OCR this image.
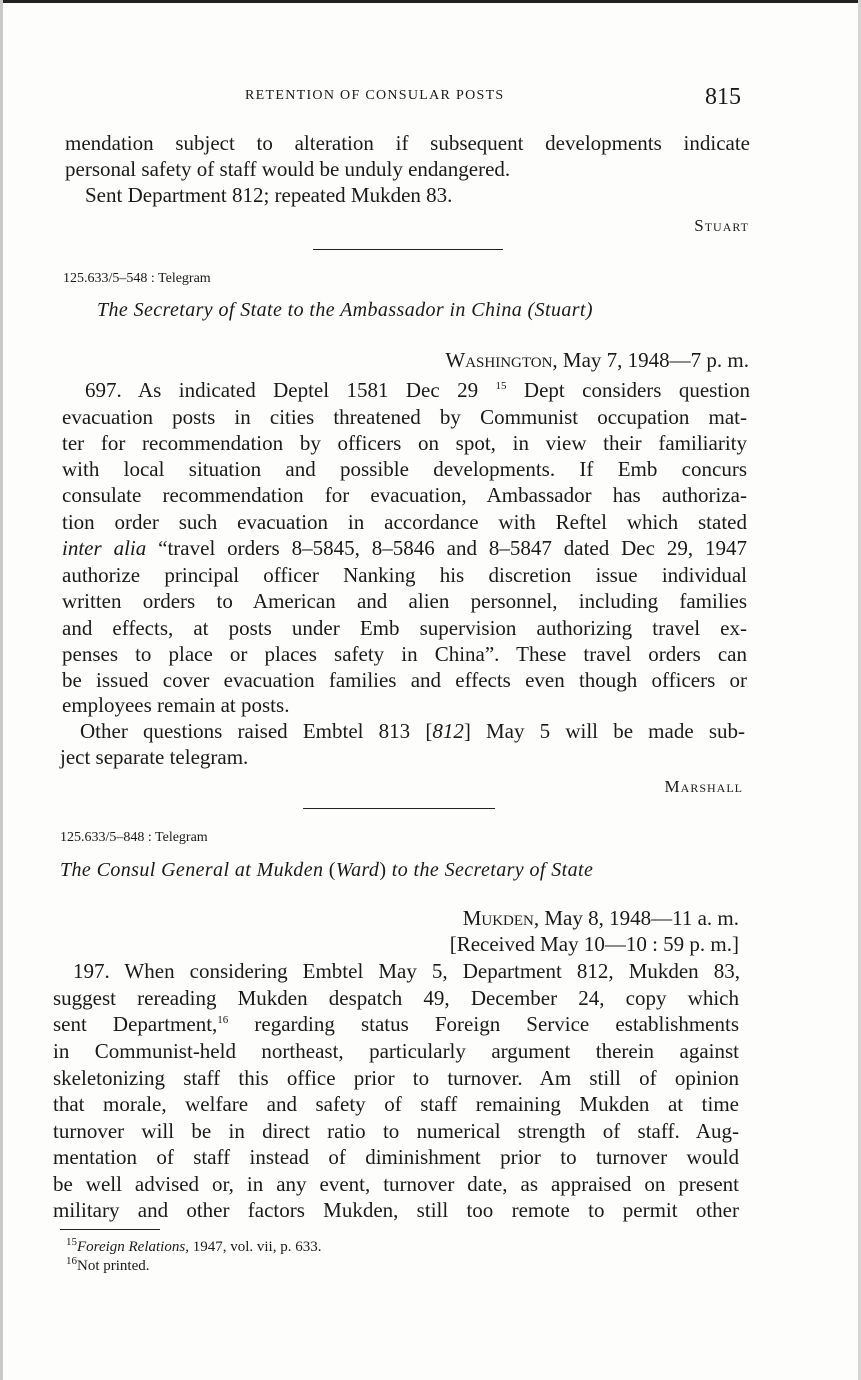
RETENTION OF CONSULAR POSTS	815
mendation subject to alteration if subsequent developments indicate
personal safety of staff would be unduly endangered.
Sent Department 812; repeated Mukden 83.
Stuart
125.633/5–548 : Telegram
The Secretary of State to the Ambassador in China (Stuart)
Washington, May 7, 1948—7 p. m.
697. As indicated Deptel 1581 Dec 29 $^{15}$ Dept considers question
evacuation posts in cities threatened by Communist occupation mat-
ter for recommendation by officers on spot, in view their familiarity
with local situation and possible developments. If Emb concurs
consulate recommendation for evacuation, Ambassador has authoriza-
tion order such evacuation in accordance with Reftel which stated
inter alia “travel orders 8–5845, 8–5846 and 8–5847 dated Dec 29, 1947
authorize principal officer Nanking his discretion issue individual
written orders to American and alien personnel, including families
and effects, at posts under Emb supervision authorizing travel ex-
penses to place or places safety in China”. These travel orders can
be issued cover evacuation families and effects even though officers or
employees remain at posts.
Other questions raised Embtel 813 [812] May 5 will be made sub-
ject separate telegram.
Marshall
125.633/5–848 : Telegram
The Consul General at Mukden (Ward) to the Secretary of State
Mukden, May 8, 1948—11 a. m.
[Received May 10—10 : 59 p. m.]
197. When considering Embtel May 5, Department 812, Mukden 83,
suggest rereading Mukden despatch 49, December 24, copy which
sent Department,$^{16}$ regarding status Foreign Service establishments
in Communist-held northeast, particularly argument therein against
skeletonizing staff this office prior to turnover. Am still of opinion
that morale, welfare and safety of staff remaining Mukden at time
turnover will be in direct ratio to numerical strength of staff. Aug-
mentation of staff instead of diminishment prior to turnover would
be well advised or, in any event, turnover date, as appraised on present
military and other factors Mukden, still too remote to permit other
$^{15}$Foreign Relations, 1947, vol. vii, p. 633.
$^{16}$Not printed.
